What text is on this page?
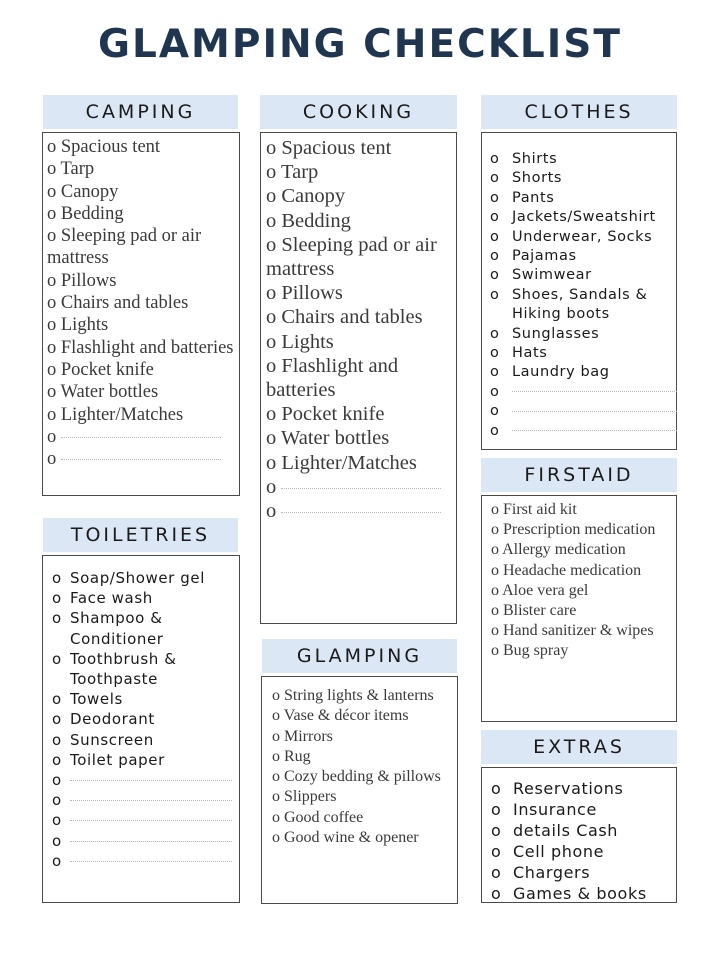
GLAMPING CHECKLIST
CAMPING
o Spacious tent
o Tarp
o Canopy
o Bedding
o Sleeping pad or air mattress
o Pillows
o Chairs and tables
o Lights
o Flashlight and batteries
o Pocket knife
o Water bottles
o Lighter/Matches
o
o
COOKING
o Spacious tent
o Tarp
o Canopy
o Bedding
o Sleeping pad or air mattress
o Pillows
o Chairs and tables
o Lights
o Flashlight and batteries
o Pocket knife
o Water bottles
o Lighter/Matches
o
o
CLOTHES
o Shirts
o Shorts
o Pants
o Jackets/Sweatshirt
o Underwear, Socks
o Pajamas
o Swimwear
o Shoes, Sandals & Hiking boots
o Sunglasses
o Hats
o Laundry bag
o
o
o
FIRSTAID
o First aid kit
o Prescription medication
o Allergy medication
o Headache medication
o Aloe vera gel
o Blister care
o Hand sanitizer & wipes
o Bug spray
TOILETRIES
o Soap/Shower gel
o Face wash
o Shampoo & Conditioner
o Toothbrush & Toothpaste
o Towels
o Deodorant
o Sunscreen
o Toilet paper
o
o
o
o
o
GLAMPING
o String lights & lanterns
o Vase & décor items
o Mirrors
o Rug
o Cozy bedding & pillows
o Slippers
o Good coffee
o Good wine & opener
EXTRAS
o Reservations
o Insurance
o details Cash
o Cell phone
o Chargers
o Games & books
